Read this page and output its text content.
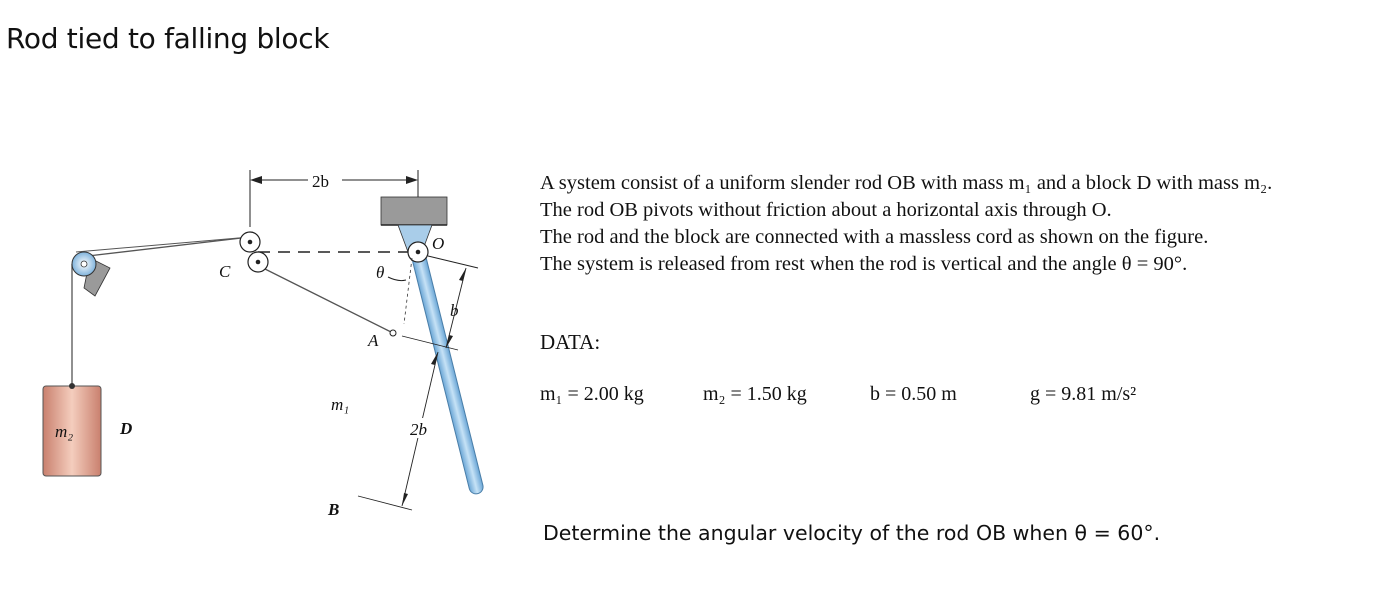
Rod tied to falling block
2b
O
C	θ
b
A
m₁
2b
B
m₂	D
A system consist of a uniform slender rod OB with mass m₁ and a block D with mass m₂.
The rod OB pivots without friction about a horizontal axis through O.
The rod and the block are connected with a massless cord as shown on the figure.
The system is released from rest when the rod is vertical and the angle θ = 90°.
DATA:
m₁ = 2.00 kg	m₂ = 1.50 kg	b = 0.50 m	g = 9.81 m/s²
Determine the angular velocity of the rod OB when θ = 60°.
